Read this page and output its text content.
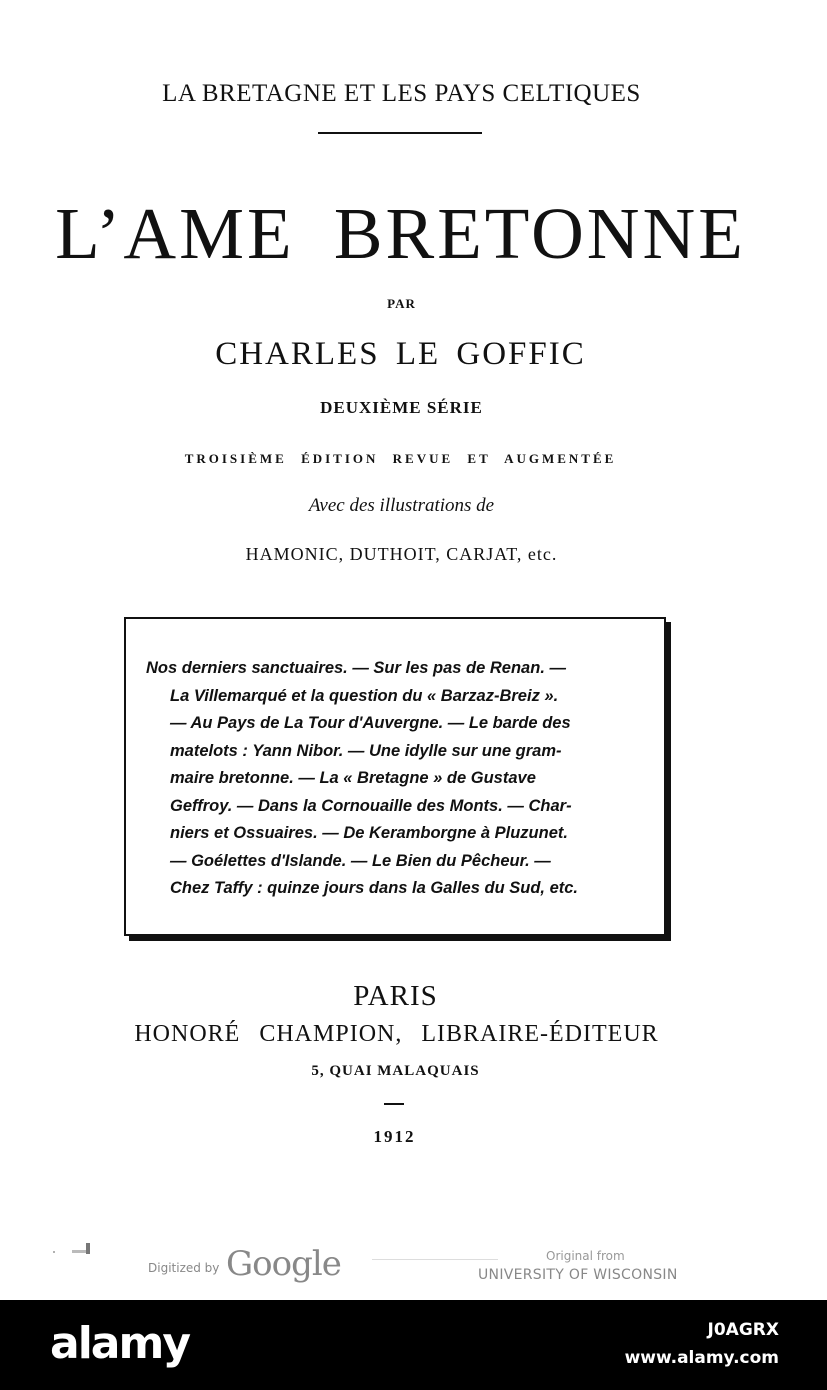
LA BRETAGNE ET LES PAYS CELTIQUES
L’AME BRETONNE
PAR
CHARLES LE GOFFIC
DEUXIÈME SÉRIE
TROISIÈME ÉDITION REVUE ET AUGMENTÉE
Avec des illustrations de
HAMONIC, DUTHOIT, CARJAT, etc.
Nos derniers sanctuaires. — Sur les pas de Renan. —
La Villemarqué et la question du « Barzaz-Breiz ».
— Au Pays de La Tour d'Auvergne. — Le barde des
matelots : Yann Nibor. — Une idylle sur une gram-
maire bretonne. — La « Bretagne » de Gustave
Geffroy. — Dans la Cornouaille des Monts. — Char-
niers et Ossuaires. — De Keramborgne à Pluzunet.
— Goélettes d'Islande. — Le Bien du Pêcheur. —
Chez Taffy : quinze jours dans la Galles du Sud, etc.
PARIS
HONORÉ CHAMPION, LIBRAIRE-ÉDITEUR
5, QUAI MALAQUAIS
1912
Digitized by Google	Original from
UNIVERSITY OF WISCONSIN
alamy	J0AGRX
www.alamy.com
